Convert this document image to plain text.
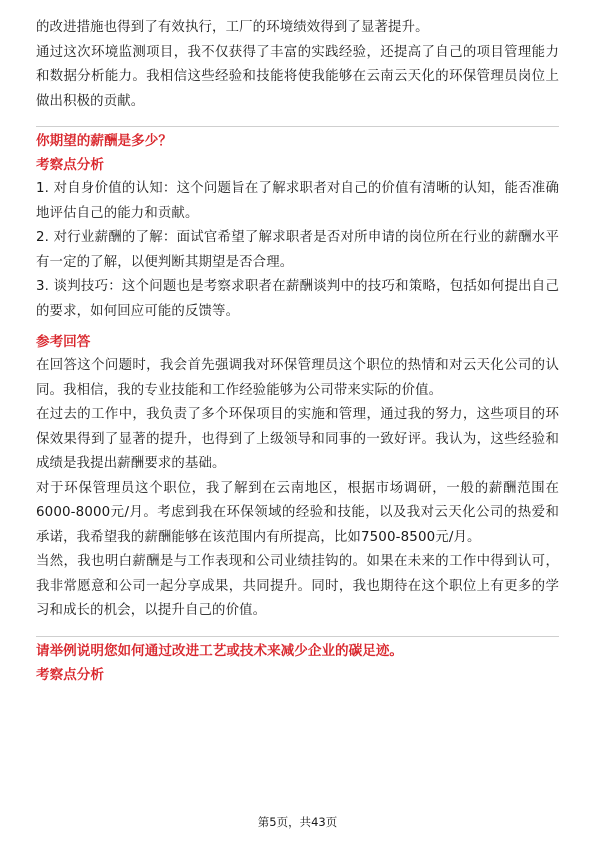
的改进措施也得到了有效执行，工厂的环境绩效得到了显著提升。

通过这次环境监测项目，我不仅获得了丰富的实践经验，还提高了自己的项目管理能力和数据分析能力。我相信这些经验和技能将使我能够在云南云天化的环保管理员岗位上做出积极的贡献。

你期望的薪酬是多少？

考察点分析

1. 对自身价值的认知：这个问题旨在了解求职者对自己的价值有清晰的认知，能否准确地评估自己的能力和贡献。

2. 对行业薪酬的了解：面试官希望了解求职者是否对所申请的岗位所在行业的薪酬水平有一定的了解，以便判断其期望是否合理。

3. 谈判技巧：这个问题也是考察求职者在薪酬谈判中的技巧和策略，包括如何提出自己的要求，如何回应可能的反馈等。

参考回答

在回答这个问题时，我会首先强调我对环保管理员这个职位的热情和对云天化公司的认同。我相信，我的专业技能和工作经验能够为公司带来实际的价值。

在过去的工作中，我负责了多个环保项目的实施和管理，通过我的努力，这些项目的环保效果得到了显著的提升，也得到了上级领导和同事的一致好评。我认为，这些经验和成绩是我提出薪酬要求的基础。

对于环保管理员这个职位，我了解到在云南地区，根据市场调研，一般的薪酬范围在6000-8000元/月。考虑到我在环保领域的经验和技能，以及我对云天化公司的热爱和承诺，我希望我的薪酬能够在该范围内有所提高，比如7500-8500元/月。

当然，我也明白薪酬是与工作表现和公司业绩挂钩的。如果在未来的工作中得到认可，我非常愿意和公司一起分享成果，共同提升。同时，我也期待在这个职位上有更多的学习和成长的机会，以提升自己的价值。

请举例说明您如何通过改进工艺或技术来减少企业的碳足迹。

考察点分析

第5页，共43页
